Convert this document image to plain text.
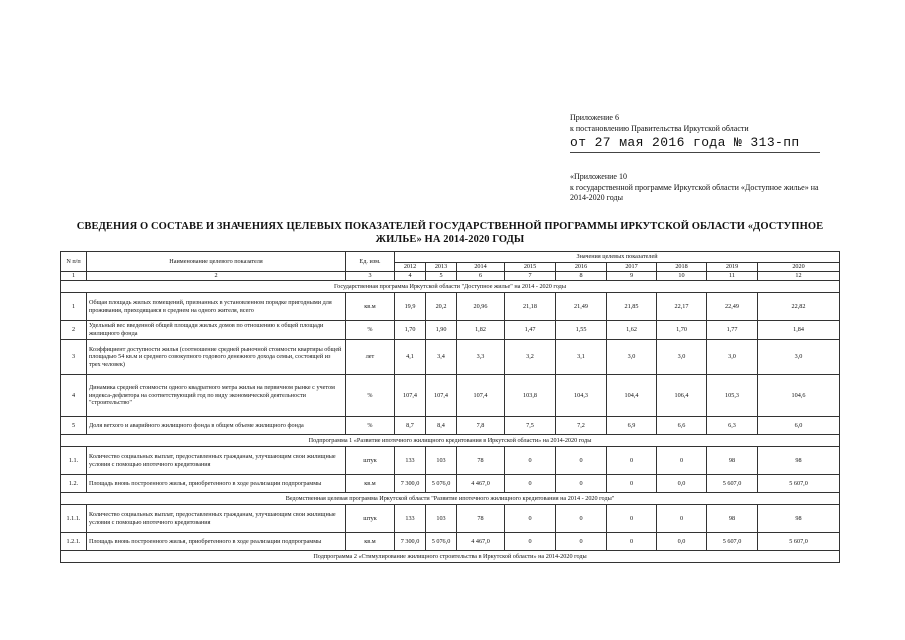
Приложение 6
к постановлению Правительства Иркутской области
от 27 мая 2016 года № 313-пп
«Приложение 10
к государственной программе Иркутской области «Доступное жилье» на 2014-2020 годы
СВЕДЕНИЯ О СОСТАВЕ И ЗНАЧЕНИЯХ ЦЕЛЕВЫХ ПОКАЗАТЕЛЕЙ ГОСУДАРСТВЕННОЙ ПРОГРАММЫ ИРКУТСКОЙ ОБЛАСТИ «ДОСТУПНОЕ ЖИЛЬЕ» НА 2014-2020 ГОДЫ
N п/п	Наименование целевого показателя	Ед. изм.	Значения целевых показателей								
			2012	2013	2014	2015	2016	2017	2018	2019	2020
1	2	3	4	5	6	7	8	9	10	11	12
Государственная программа Иркутской области "Доступное жилье" на 2014 - 2020 годы											
1	Общая площадь жилых помещений, признанных в установленном порядке пригодными для проживания, приходящаяся в среднем на одного жителя, всего	кв.м	19,9	20,2	20,96	21,18	21,49	21,85	22,17	22,49	22,82
2	Удельный вес введенной общей площади жилых домов по отношению к общей площади жилищного фонда	%	1,70	1,90	1,82	1,47	1,55	1,62	1,70	1,77	1,84
3	Коэффициент доступности жилья (соотношение средней рыночной стоимости квартиры общей площадью 54 кв.м и среднего совокупного годового денежного дохода семьи, состоящей из трех человек)	лет	4,1	3,4	3,3	3,2	3,1	3,0	3,0	3,0	3,0
4	Динамика средней стоимости одного квадратного метра жилья на первичном рынке с учетом индекса-дефлятора на соответствующий год по виду экономической деятельности "строительство"	%	107,4	107,4	107,4	103,8	104,3	104,4	106,4	105,3	104,6
5	Доля ветхого и аварийного жилищного фонда в общем объеме жилищного фонда	%	8,7	8,4	7,8	7,5	7,2	6,9	6,6	6,3	6,0
Подпрограмма 1 «Развитие ипотечного жилищного кредитования в Иркутской области» на 2014-2020 годы											
1.1.	Количество социальных выплат, предоставленных гражданам, улучшающим свои жилищные условия с помощью ипотечного кредитования	штук	133	103	78	0	0	0	0	98	98
1.2.	Площадь вновь построенного жилья, приобретенного в ходе реализации подпрограммы	кв.м	7 300,0	5 076,0	4 467,0	0	0	0	0,0	5 607,0	5 607,0
Ведомственная целевая программа Иркутской области "Развитие ипотечного жилищного кредитования на 2014 - 2020 годы"											
1.1.1.	Количество социальных выплат, предоставленных гражданам, улучшающим свои жилищные условия с помощью ипотечного кредитования	штук	133	103	78	0	0	0	0	98	98
1.2.1.	Площадь вновь построенного жилья, приобретенного в ходе реализации подпрограммы	кв.м	7 300,0	5 076,0	4 467,0	0	0	0	0,0	5 607,0	5 607,0
Подпрограмма 2 «Стимулирование жилищного строительства в Иркутской области» на 2014-2020 годы											
